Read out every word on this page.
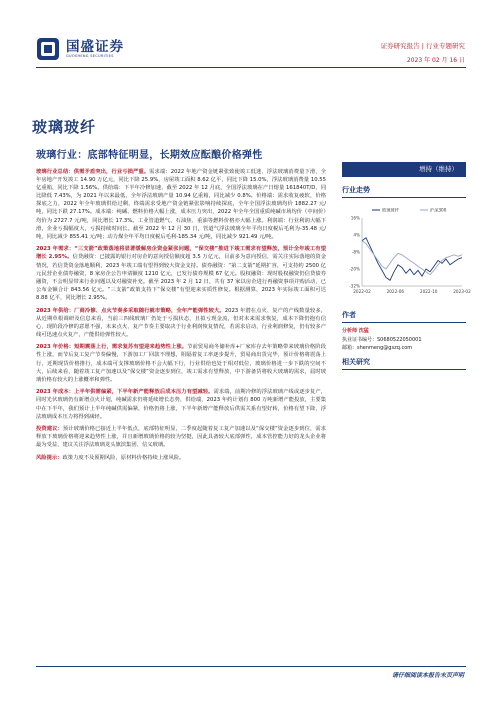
国盛证券
GUOSHENG SECURITIES
证券研究报告 | 行业专题研究
2023 年 02 月 16 日
玻璃玻纤
玻璃行业：底部特征明显，长期效应酝酿价格弹性

玻璃行业总结：供需矛盾突出，行业亏损严重。需求端：2022 年地产资金链紧张致使竣工低迷，浮法玻璃消费量下滑，全年房地产开发竣工 14.90 万亿元，同比下降 25.9%，房屋竣工面积 8.62 亿平，同比下降 15.0%，浮法玻璃消费量 10.55 亿重箱，同比下降 1.56%。供给端：下半年冷修加速，截至 2022 年 12 月底，全国浮法玻璃在产日熔量 161840T/D，同比降低 7.43%，为 2021 年以来最低，全年浮法玻璃产量 10.94 亿重箱，同比减少 0.8%。价格端：需求收复疲软，价格探底之力，2022 年全年玻璃供给过剩，终端需求受地产资金链紧张影响持续探底，全年全国浮法玻璃均价 1882.27 元/吨，同比下跌 27.17%。成本端：纯碱、燃料价格大幅上涨，成本压力突出，2022 年全年全国重质纯碱市场均价（中间价）均价为 2727.7 元/吨，同比增长 17.3%。工业管道燃气、石油焦、重油等燃料价格亦大幅上涨。利润端：行业利润大幅下滑，企业亏损幅度大，亏损持续时间长。截至 2022 年 12 月 30 日，管道气浮法玻璃全年平均日度税后毛利为-35.48 元/吨，同比减少 855.41 元/吨；动力煤全年平均日度税后毛利-185.34 元/吨，同比减少 921.49 元/吨。

2023 年需求：“三支箭”政策落地将显著缓解房企资金紧张问题，“保交楼”推进下竣工需求有望释放，预计全年竣工有望增长 2.95%。信贷融资：已披露的银行对房企的意向授信额度超 3.5 万亿元，目前多为意向授信，需关注实际落地的资金情况，若信贷资金落地顺利，2023 年竣工端有望得到较大资金支持。债券融资：“第二支箭”延期扩容，可支持约 2500 亿元民营企业债券融资，8 家房企公告申请额度 1210 亿元，已发行债券规模 67 亿元。股权融资：现时股权融资仍信贷债券融资，不会明显带来行业问题以及对融资补充。截至 2023 年 2 月 12 日，共有 37 家以房企进行再融资事项并购活动，已公布金额合计 843.56 亿元。“三支箭”政策支持下“保交楼”有望迎来实质性修复。根据测算，2023 年实际竣工面积可达 8.88 亿平，同比增长 2.95%。

2023 年供给：厂商冷修、点火节奏多采取随行就市策略，全年产能弹性较大。2023 年潜在点火、复产的产线数量较多，从近期草根调研及信息来看，当前三四线玻璃厂仍处于亏损状态，且拟亏现金流，但对未来需求恢复，成本下降仍抱有信心，现阶段冷修的意愿不强，未来点火、复产节奏主要取决于行业利润恢复情况，若需求启动，行业利润修复，仍有较多产线可迅速点火复产，产能供给弹性较大。

2023 年价格：短期震荡上行，需求复苏有望迎来趋势性上涨。节前贸易商冬储补库+厂家库存去年策略带来玻璃价格阶段性上涨，而节后复工复产节奏偏慢，下游加工厂回款不理想，阻隔着复工率逐步提升，贸易商出货完毕，预计价格将震荡上行，近期现货价格推行，成本端可支撑玻璃价格不会大幅下行，行业供给也处于相对低位，玻璃价格进一步下跌的空间不大，后续来看，随着竣工复产加速以及“保交楼”资金逐步到位，竣工需求有望释放，中下游备货将收大玻璃的需求，届时玻璃价格有较大的上涨概率和弹性。

2023 年成本：上半年供需偏紧，下半年新产能释放后成本压力有望减轻。需求端，前期冷修的浮法玻璃产线或逐步复产，同时光伏玻璃仍有新增点火计划，纯碱需求仍将延续增长态势，供给端，2023 年约计划有 800 万吨新增产能投放，主要集中在下半年，我们预计上半年纯碱供需偏紧，价格仍将上涨，下半年新增产能释放后供需关系有望好转，价格有望下降，浮法玻璃成本压力将得到减轻。

投资建议：预计玻璃价格已接近上半年低点，底部特征明显，二季度起随着复工复产加速以及“保交楼”资金逐步到位，需求释放下玻璃价格将迎来趋势性上涨，并且新增玻璃价格的较为坚挺，因此具备较大底部弹性，成本管控能力好的龙头企业将最为受益，建议关注浮法玻璃龙头旗滨集团、信义玻璃。

风险提示：政策力度不及预期风险，原材料价格持续上涨风险。

增持（维持）
行业走势
16%
4%
-8%
-20%
-32%
2022-02	2022-06	2022-10	2023-02
玻璃玻纤	沪深300
作者
分析师 沈猛
执业证书编号：S0680522050001
邮箱：shenmeng@gszq.com
相关研究
请仔细阅读本报告末页声明
